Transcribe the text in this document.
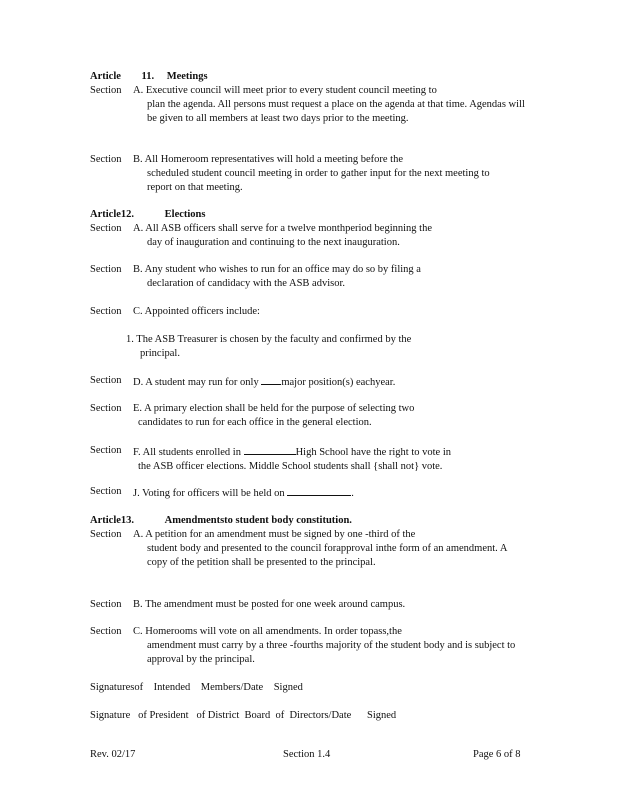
Article 11. Meetings
Section	A. Executive council will meet prior to every student council meeting to
plan the agenda. All persons must request a place on the agenda at that time. Agendas will be given to all members at least two days prior to the meeting.
Section	B. All Homeroom representatives will hold a meeting before the
scheduled student council meeting in order to gather input for the next meeting to report on that meeting.
Article12.	Elections
Section	A. All ASB officers shall serve for a twelve monthperiod beginning the
day of inauguration and continuing to the next inauguration.
Section	B. Any student who wishes to run for an office may do so by filing a
declaration of candidacy with the ASB advisor.
Section	C. Appointed officers include:
1. The ASB Treasurer is chosen by the faculty and confirmed by the
principal.
Section	D. A student may run for only major position(s) eachyear.
Section	E. A primary election shall be held for the purpose of selecting two
candidates to run for each office in the general election.
Section	F. All students enrolled in	High School have the right to vote in
the ASB officer elections. Middle School students shall {shall not} vote.
Section	J. Voting for officers will be held on	.
Article13.	Amendmentsto student body constitution.
Section	A. A petition for an amendment must be signed by one -third of the
student body and presented to the council forapproval inthe form of an amendment. A copy of the petition shall be presented to the principal.
Section	B. The amendment must be posted for one week around campus.
Section	C. Homerooms will vote on all amendments. In order topass,the
amendment must carry by a three -fourths majority of the student body and is subject to approval by the principal.
Signaturesof    Intended    Members/Date    Signed
Signature   of President   of District  Board  of  Directors/Date      Signed
Rev. 02/17	Section 1.4	Page 6 of 8
